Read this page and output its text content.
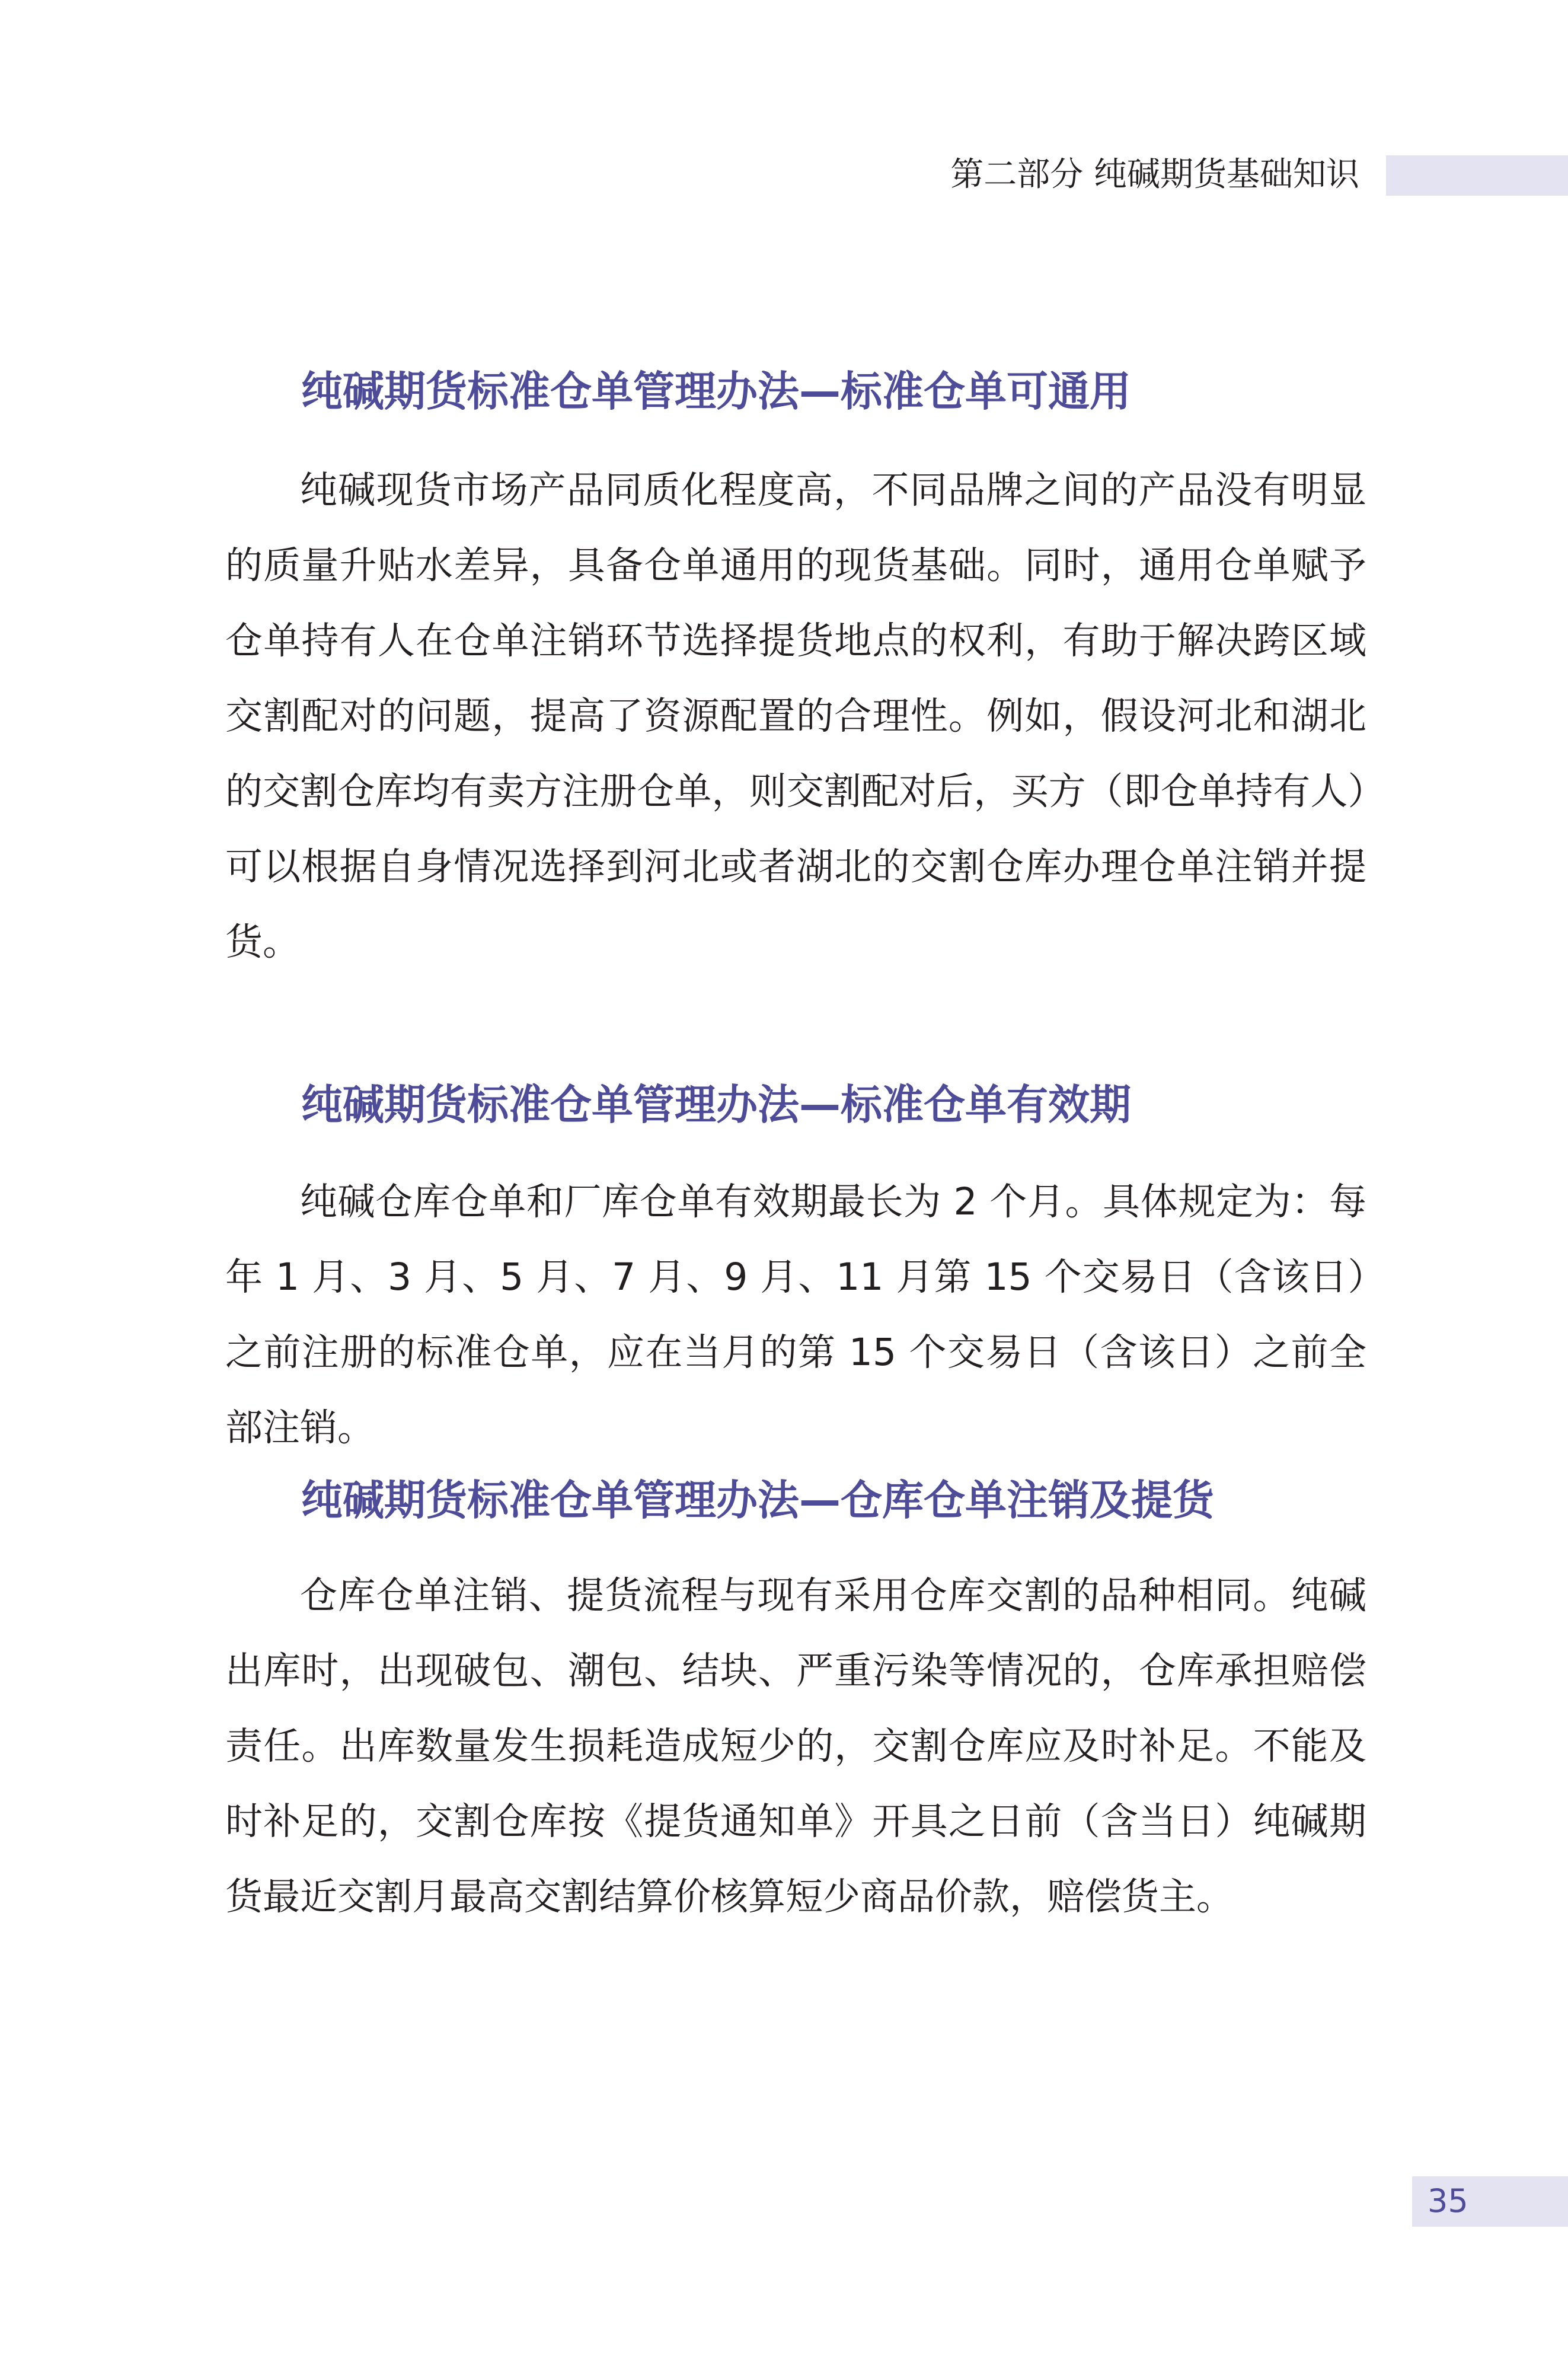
第二部分 纯碱期货基础知识
纯碱期货标准仓单管理办法—标准仓单可通用

纯碱现货市场产品同质化程度高，不同品牌之间的产品没有明显的质量升贴水差异，具备仓单通用的现货基础。同时，通用仓单赋予仓单持有人在仓单注销环节选择提货地点的权利，有助于解决跨区域交割配对的问题，提高了资源配置的合理性。例如，假设河北和湖北的交割仓库均有卖方注册仓单，则交割配对后，买方（即仓单持有人）可以根据自身情况选择到河北或者湖北的交割仓库办理仓单注销并提货。

纯碱期货标准仓单管理办法—标准仓单有效期

纯碱仓库仓单和厂库仓单有效期最长为 2 个月。具体规定为：每年 1 月、3 月、5 月、7 月、9 月、11 月第 15 个交易日（含该日）之前注册的标准仓单，应在当月的第 15 个交易日（含该日）之前全部注销。

纯碱期货标准仓单管理办法—仓库仓单注销及提货

仓库仓单注销、提货流程与现有采用仓库交割的品种相同。纯碱出库时，出现破包、潮包、结块、严重污染等情况的，仓库承担赔偿责任。出库数量发生损耗造成短少的，交割仓库应及时补足。不能及时补足的，交割仓库按《提货通知单》开具之日前（含当日）纯碱期货最近交割月最高交割结算价核算短少商品价款，赔偿货主。

35
